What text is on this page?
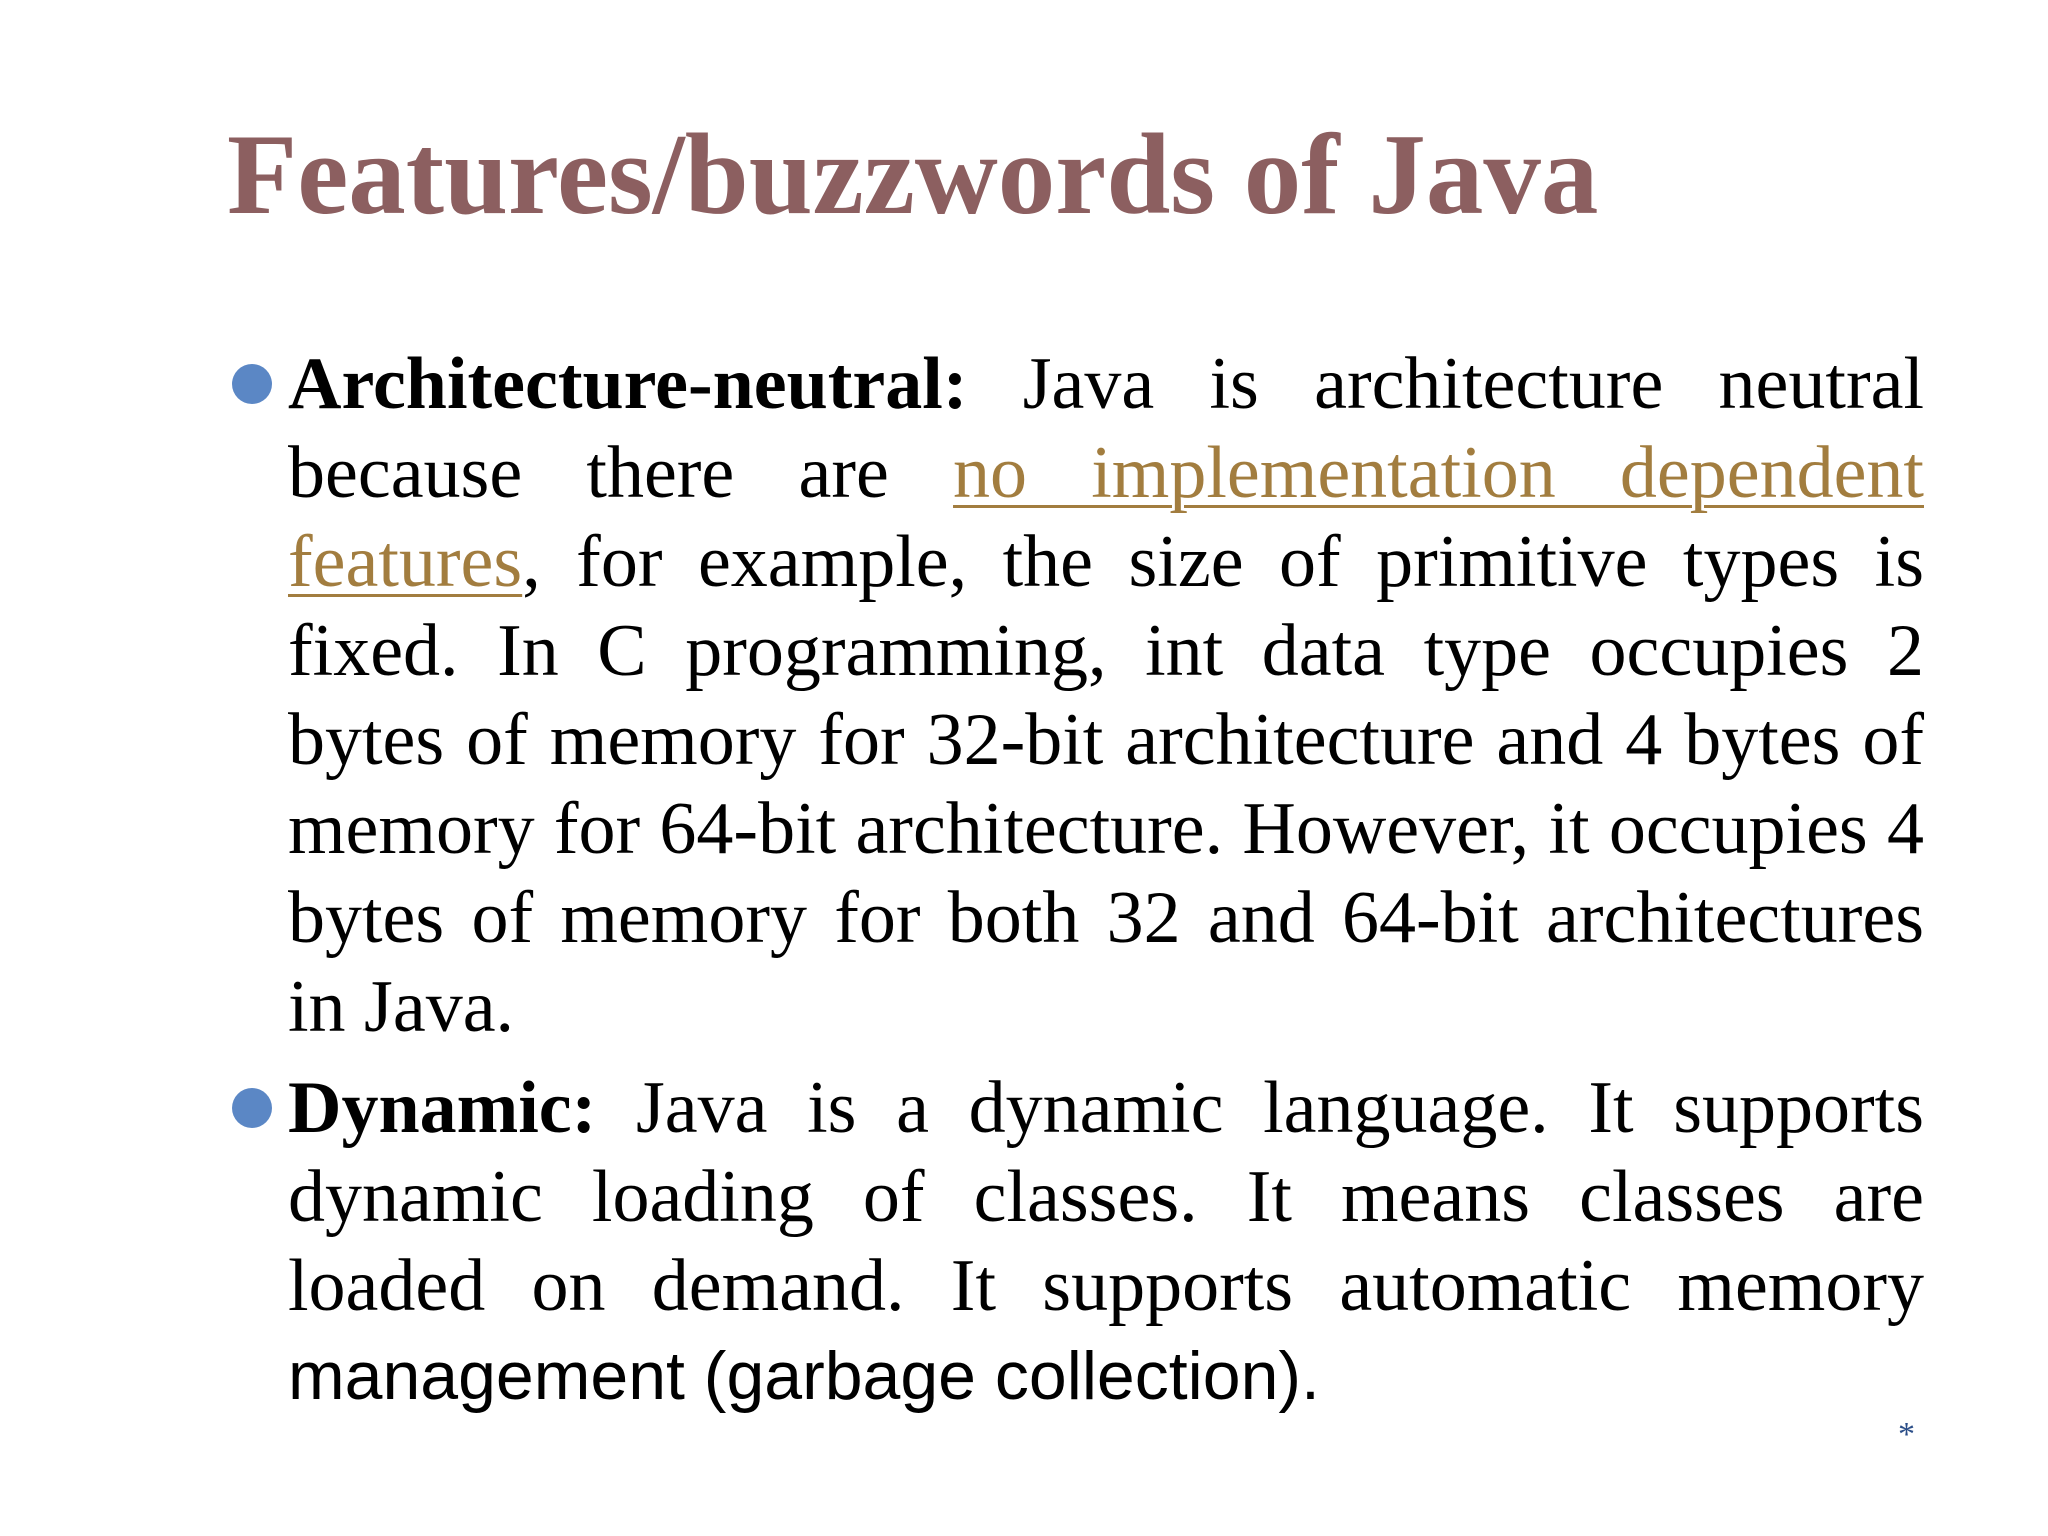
Features/buzzwords of Java

Architecture-neutral: Java is architecture neutral because there are no implementation dependent features, for example, the size of primitive types is fixed. In C programming, int data type occupies 2 bytes of memory for 32-bit architecture and 4 bytes of memory for 64-bit architecture. However, it occupies 4 bytes of memory for both 32 and 64-bit architectures in Java.

Dynamic: Java is a dynamic language. It supports dynamic loading of classes. It means classes are loaded on demand. It supports automatic memory management (garbage collection).

*
